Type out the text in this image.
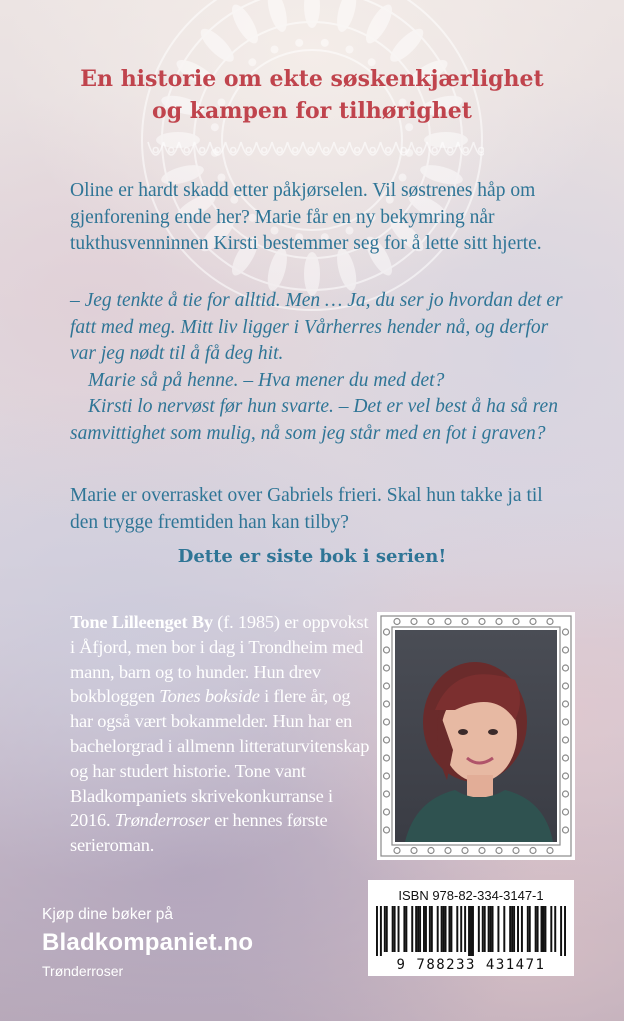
En historie om ekte søskenkjærlighet
og kampen for tilhørighet

Oline er hardt skadd etter påkjørselen. Vil søstrenes håp om gjenforening ende her? Marie får en ny bekymring når tukthusvenninnen Kirsti bestemmer seg for å lette sitt hjerte.

– Jeg tenkte å tie for alltid. Men … Ja, du ser jo hvordan det er fatt med meg. Mitt liv ligger i Vårherres hender nå, og derfor var jeg nødt til å få deg hit.

Marie så på henne. – Hva mener du med det?

Kirsti lo nervøst før hun svarte. – Det er vel best å ha så ren samvittighet som mulig, nå som jeg står med en fot i graven?

Marie er overrasket over Gabriels frieri. Skal hun takke ja til den trygge fremtiden han kan tilby?

Dette er siste bok i serien!
Tone Lilleenget By (f. 1985) er oppvokst i Åfjord, men bor i dag i Trondheim med mann, barn og to hunder. Hun drev bokbloggen Tones bokside i flere år, og har også vært bokanmelder. Hun har en bachelorgrad i allmenn litteraturvitenskap og har studert historie. Tone vant Bladkompaniets skrivekonkurranse i 2016. Trønderroser er hennes første serieroman.
Kjøp dine bøker på
Bladkompaniet.no
Trønderroser
ISBN 978-82-334-3147-1
9 788233 431471
